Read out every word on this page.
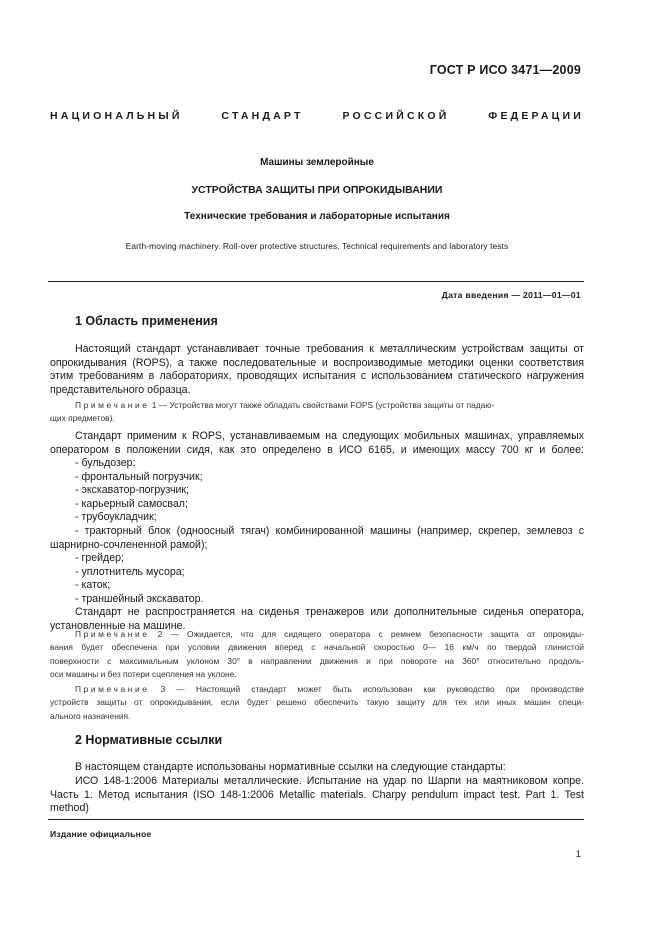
ГОСТ Р ИСО 3471—2009
НАЦИОНАЛЬНЫЙ	СТАНДАРТ	РОССИЙСКОЙ	ФЕДЕРАЦИИ
Машины землеройные
УСТРОЙСТВА ЗАЩИТЫ ПРИ ОПРОКИДЫВАНИИ
Технические требования и лабораторные испытания
Earth-moving machinery. Roll-over protective structures. Technical requirements and laboratory tests
Дата введения — 2011—01—01
1 Область применения
Настоящий стандарт устанавливает точные требования к металлическим устройствам защиты от
опрокидывания (ROPS), а также последовательные и воспроизводимые методики оценки соответствия
этим требованиям в лабораториях, проводящих испытания с использованием статического нагружения
представительного образца.
Примечание 1 — Устройства могут также обладать свойствами FOPS (устройства защиты от падаю-
щих предметов).
Стандарт применим к ROPS, устанавливаемым на следующих мобильных машинах, управляемых
оператором в положении сидя, как это определено в ИСО 6165, и имеющих массу 700 кг и более:
- бульдозер;
- фронтальный погрузчик;
- экскаватор-погрузчик;
- карьерный самосвал;
- трубоукладчик;
- тракторный блок (одноосный тягач) комбинированной машины (например, скрепер, землевоз с
шарнирно-сочлененной рамой);
- грейдер;
- уплотнитель мусора;
- каток;
- траншейный экскаватор.
Стандарт не распространяется на сиденья тренажеров или дополнительные сиденья оператора,
установленные на машине.
Примечание 2 — Ожидается, что для сидящего оператора с ремнем безопасности защита от опрокиды-
вания будет обеспечена при условии движения вперед с начальной скоростью 0— 16 км/ч по твердой глинистой
поверхности с максимальным уклоном 30° в направлении движения и при повороте на 360° относительно продоль-
оси машины и без потери сцепления на уклоне.
Примечание 3 — Настоящий стандарт может быть использован как руководство при производстве
устройств защиты от опрокидывания, если будет решено обеспечить такую защиту для тех или иных машин специ-
ального назначения.
2 Нормативные ссылки
В настоящем стандарте использованы нормативные ссылки на следующие стандарты:
ИСО 148-1:2006 Материалы металлические. Испытание на удар по Шарпи на маятниковом копре.
Часть 1. Метод испытания (ISO 148-1:2006 Metallic materials. Charpy pendulum impact test. Part 1. Test
method)
Издание официальное
1
